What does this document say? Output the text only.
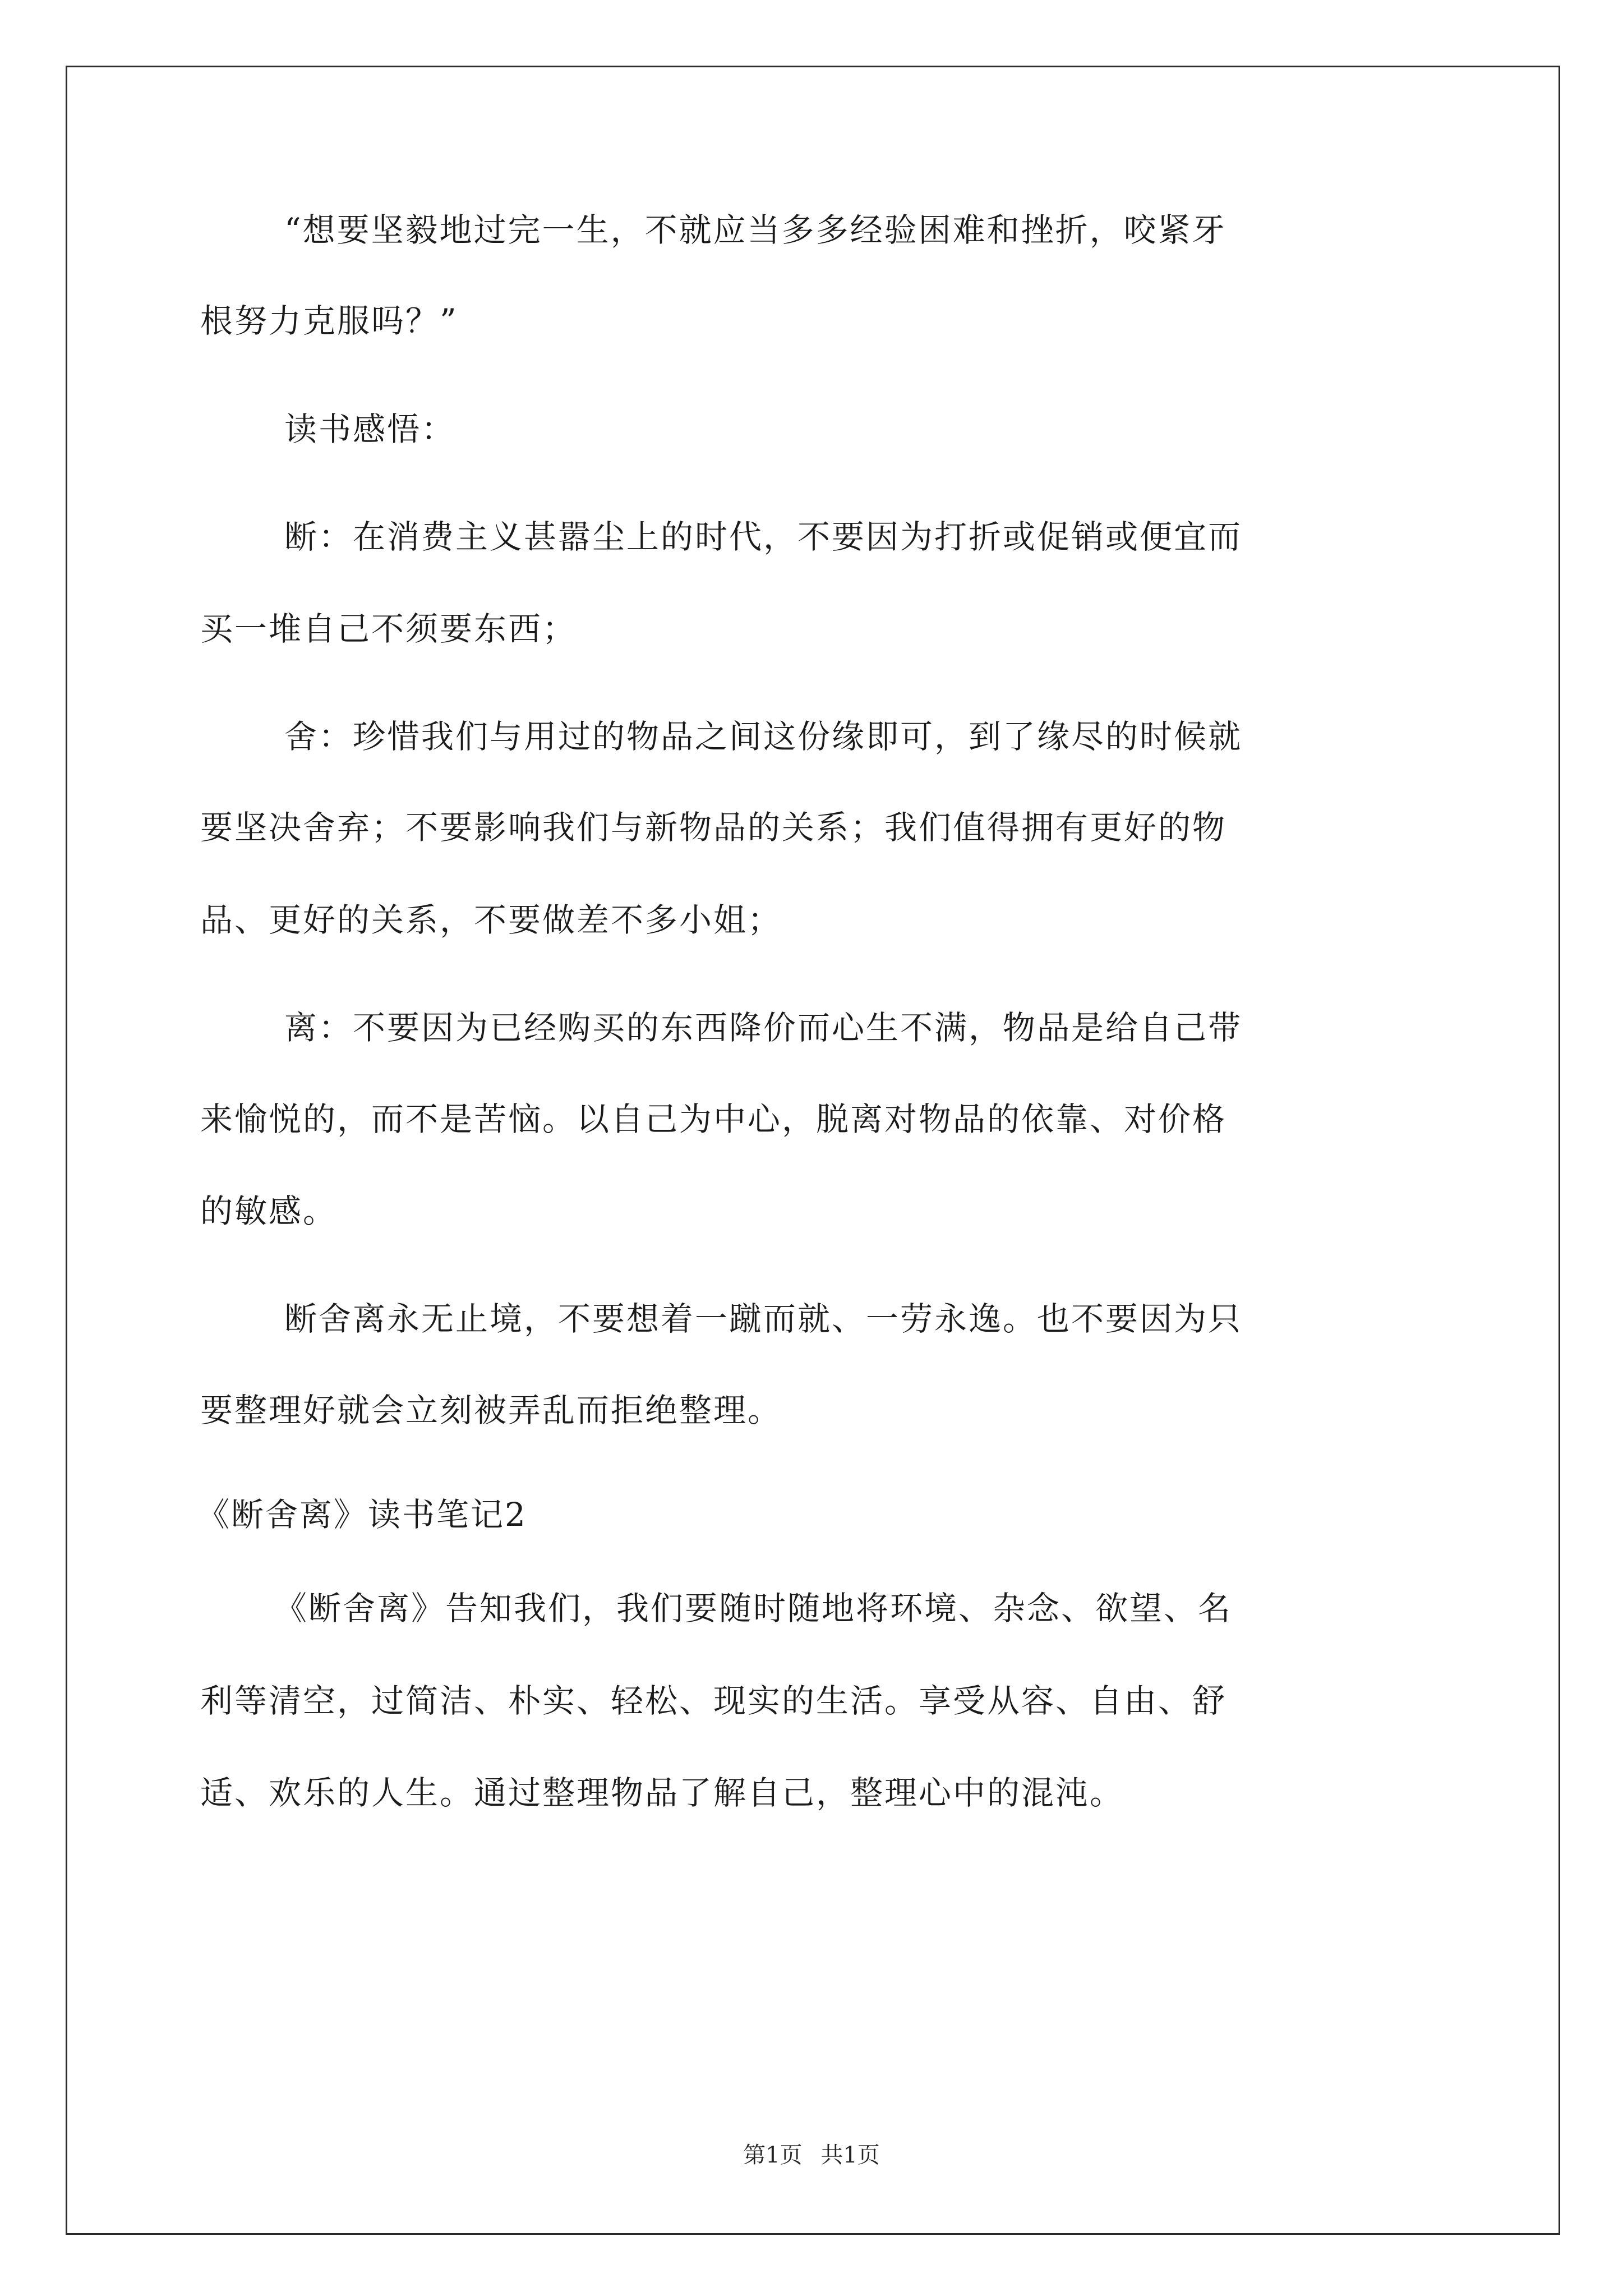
“想要坚毅地过完一生，不就应当多多经验困难和挫折，咬紧牙
根努力克服吗？”
读书感悟：
断：在消费主义甚嚣尘上的时代，不要因为打折或促销或便宜而
买一堆自己不须要东西；
舍：珍惜我们与用过的物品之间这份缘即可，到了缘尽的时候就
要坚决舍弃；不要影响我们与新物品的关系；我们值得拥有更好的物
品、更好的关系，不要做差不多小姐；
离：不要因为已经购买的东西降价而心生不满，物品是给自己带
来愉悦的，而不是苦恼。以自己为中心，脱离对物品的依靠、对价格
的敏感。
断舍离永无止境，不要想着一蹴而就、一劳永逸。也不要因为只
要整理好就会立刻被弄乱而拒绝整理。
《断舍离》读书笔记2
《断舍离》告知我们，我们要随时随地将环境、杂念、欲望、名
利等清空，过简洁、朴实、轻松、现实的生活。享受从容、自由、舒
适、欢乐的人生。通过整理物品了解自己，整理心中的混沌。
第1页 共1页
